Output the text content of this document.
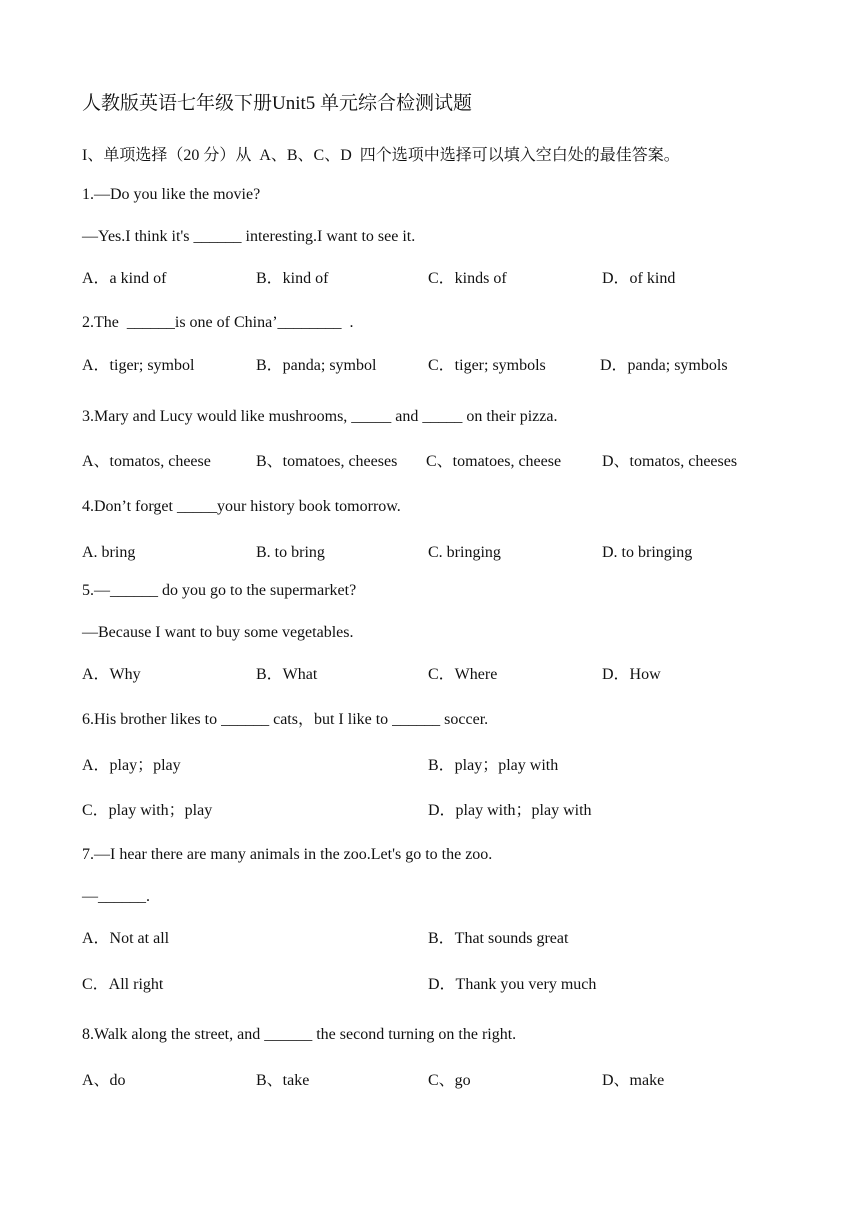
人教版英语七年级下册Unit5 单元综合检测试题
I、单项选择（20 分）从  A、B、C、D  四个选项中选择可以填入空白处的最佳答案。
1.—Do you like the movie?
—Yes.I think it's ______ interesting.I want to see it.
A．a kind of	B．kind of	C．kinds of	D．of kind
2.The  ______is one of China’________  .
A．tiger; symbol	B．panda; symbol	C．tiger; symbols	D．panda; symbols
3.Mary and Lucy would like mushrooms, _____ and _____ on their pizza.
A、tomatos, cheese	B、tomatoes, cheeses C、tomatoes, cheese	D、tomatos, cheeses
4.Don’t forget _____your history book tomorrow.
A. bring	B. to bring	C. bringing	D. to bringing
5.—______ do you go to the supermarket?
—Because I want to buy some vegetables.
A．Why	B．What	C．Where	D．How
6.His brother likes to ______ cats，but I like to ______ soccer.
A．play；play	B．play；play with
C．play with；play	D．play with；play with
7.—I hear there are many animals in the zoo.Let's go to the zoo.
—______.
A．Not at all	B．That sounds great
C．All right	D．Thank you very much
8.Walk along the street, and ______ the second turning on the right.
A、do	B、take	C、go	D、make
